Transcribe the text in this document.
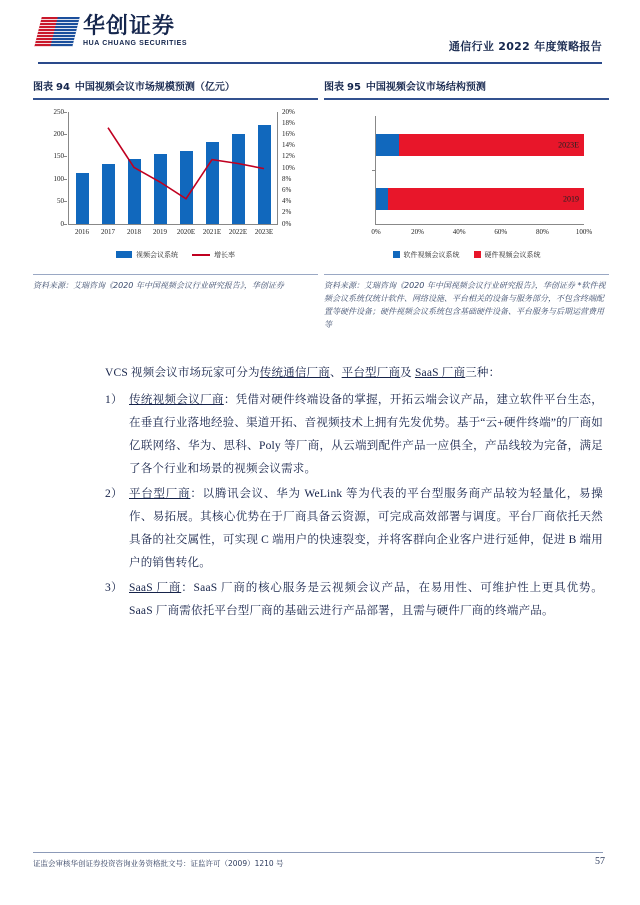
华创证券
HUA CHUANG SECURITIES	通信行业 2022 年度策略报告
图表 94 中国视频会议市场规模预测（亿元）
250
200
150
100
50
0
20%
18%
16%
14%
12%
10%
8%
6%
4%
2%
0%
2016 2017 2018 2019 2020E 2021E 2022E 2023E
视频会议系统	增长率
资料来源：艾瑞咨询《2020 年中国视频会议行业研究报告》，华创证券
图表 95 中国视频会议市场结构预测
2023E
2019
0%	20%	40%	60%	80%	100%
软件视频会议系统	硬件视频会议系统
资料来源：艾瑞咨询《2020 年中国视频会议行业研究报告》，华创证券 *软件视频会议系统仅统计软件、网络设施、平台相关的设备与服务部分，不包含终端配置等硬件设备；硬件视频会议系统包含基础硬件设备、平台服务与后期运营费用等

VCS 视频会议市场玩家可分为传统通信厂商、平台型厂商及 SaaS 厂商三种：

1） 传统视频会议厂商：凭借对硬件终端设备的掌握，开拓云端会议产品，建立软件平台生态，在垂直行业落地经验、渠道开拓、音视频技术上拥有先发优势。基于“云+硬件终端”的厂商如亿联网络、华为、思科、Poly 等厂商，从云端到配件产品一应俱全，产品线较为完备，满足了各个行业和场景的视频会议需求。
2） 平台型厂商：以腾讯会议、华为 WeLink 等为代表的平台型服务商产品较为轻量化，易操作、易拓展。其核心优势在于厂商具备云资源，可完成高效部署与调度。平台厂商依托天然具备的社交属性，可实现 C 端用户的快速裂变，并将客群向企业客户进行延伸，促进 B 端用户的销售转化。
3） SaaS 厂商：SaaS 厂商的核心服务是云视频会议产品，在易用性、可维护性上更具优势。SaaS 厂商需依托平台型厂商的基础云进行产品部署，且需与硬件厂商的终端产品。
证监会审核华创证券投资咨询业务资格批文号：证监许可（2009）1210 号	57
